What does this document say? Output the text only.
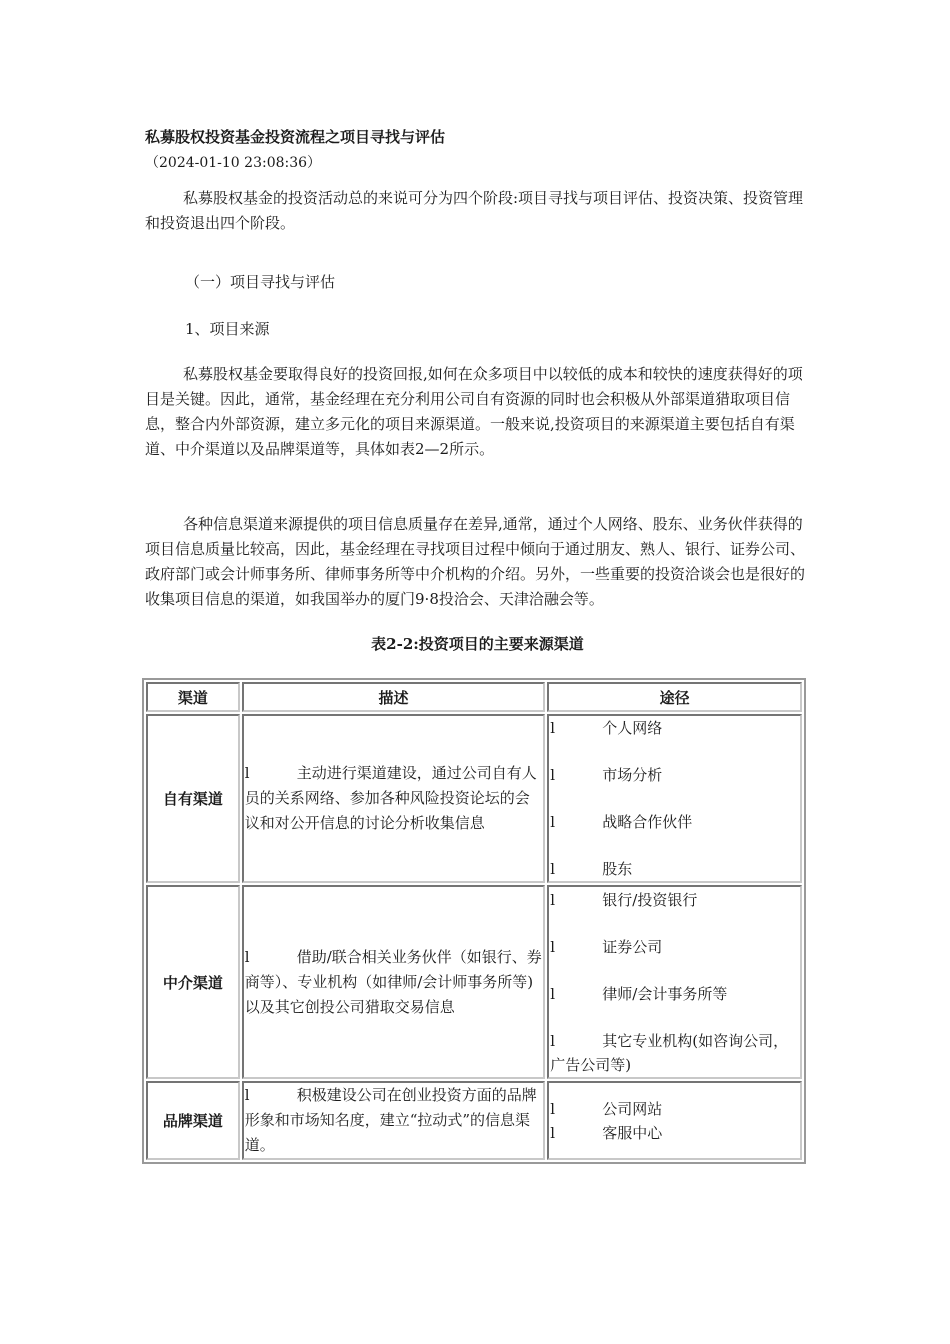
私募股权投资基金投资流程之项目寻找与评估
（2024-01-10 23:08:36）

私募股权基金的投资活动总的来说可分为四个阶段:项目寻找与项目评估、投资决策、投资管理和投资退出四个阶段。

（一）项目寻找与评估
1、项目来源

私募股权基金要取得良好的投资回报,如何在众多项目中以较低的成本和较快的速度获得好的项目是关键。因此，通常，基金经理在充分利用公司自有资源的同时也会积极从外部渠道猎取项目信息，整合内外部资源，建立多元化的项目来源渠道。一般来说,投资项目的来源渠道主要包括自有渠道、中介渠道以及品牌渠道等，具体如表2—2所示。

各种信息渠道来源提供的项目信息质量存在差异,通常，通过个人网络、股东、业务伙伴获得的项目信息质量比较高，因此，基金经理在寻找项目过程中倾向于通过朋友、熟人、银行、证券公司、政府部门或会计师事务所、律师事务所等中介机构的介绍。另外，一些重要的投资洽谈会也是很好的收集项目信息的渠道，如我国举办的厦门9·8投洽会、天津洽融会等。

表2-2:投资项目的主要来源渠道
渠道	描述	途径
自有渠道	l 主动进行渠道建设，通过公司自有人员的关系网络、参加各种风险投资论坛的会议和对公开信息的讨论分析收集信息	l 个人网络
l 市场分析
l 战略合作伙伴
l 股东

中介渠道	l 借助/联合相关业务伙伴（如银行、券商等）、专业机构（如律师/会计师事务所等)以及其它创投公司猎取交易信息	l 银行/投资银行
l 证券公司
l 律师/会计事务所等
l 其它专业机构(如咨询公司，广告公司等)

品牌渠道	l 积极建设公司在创业投资方面的品牌形象和市场知名度，建立“拉动式”的信息渠道。	l 公司网站
l 客服中心
